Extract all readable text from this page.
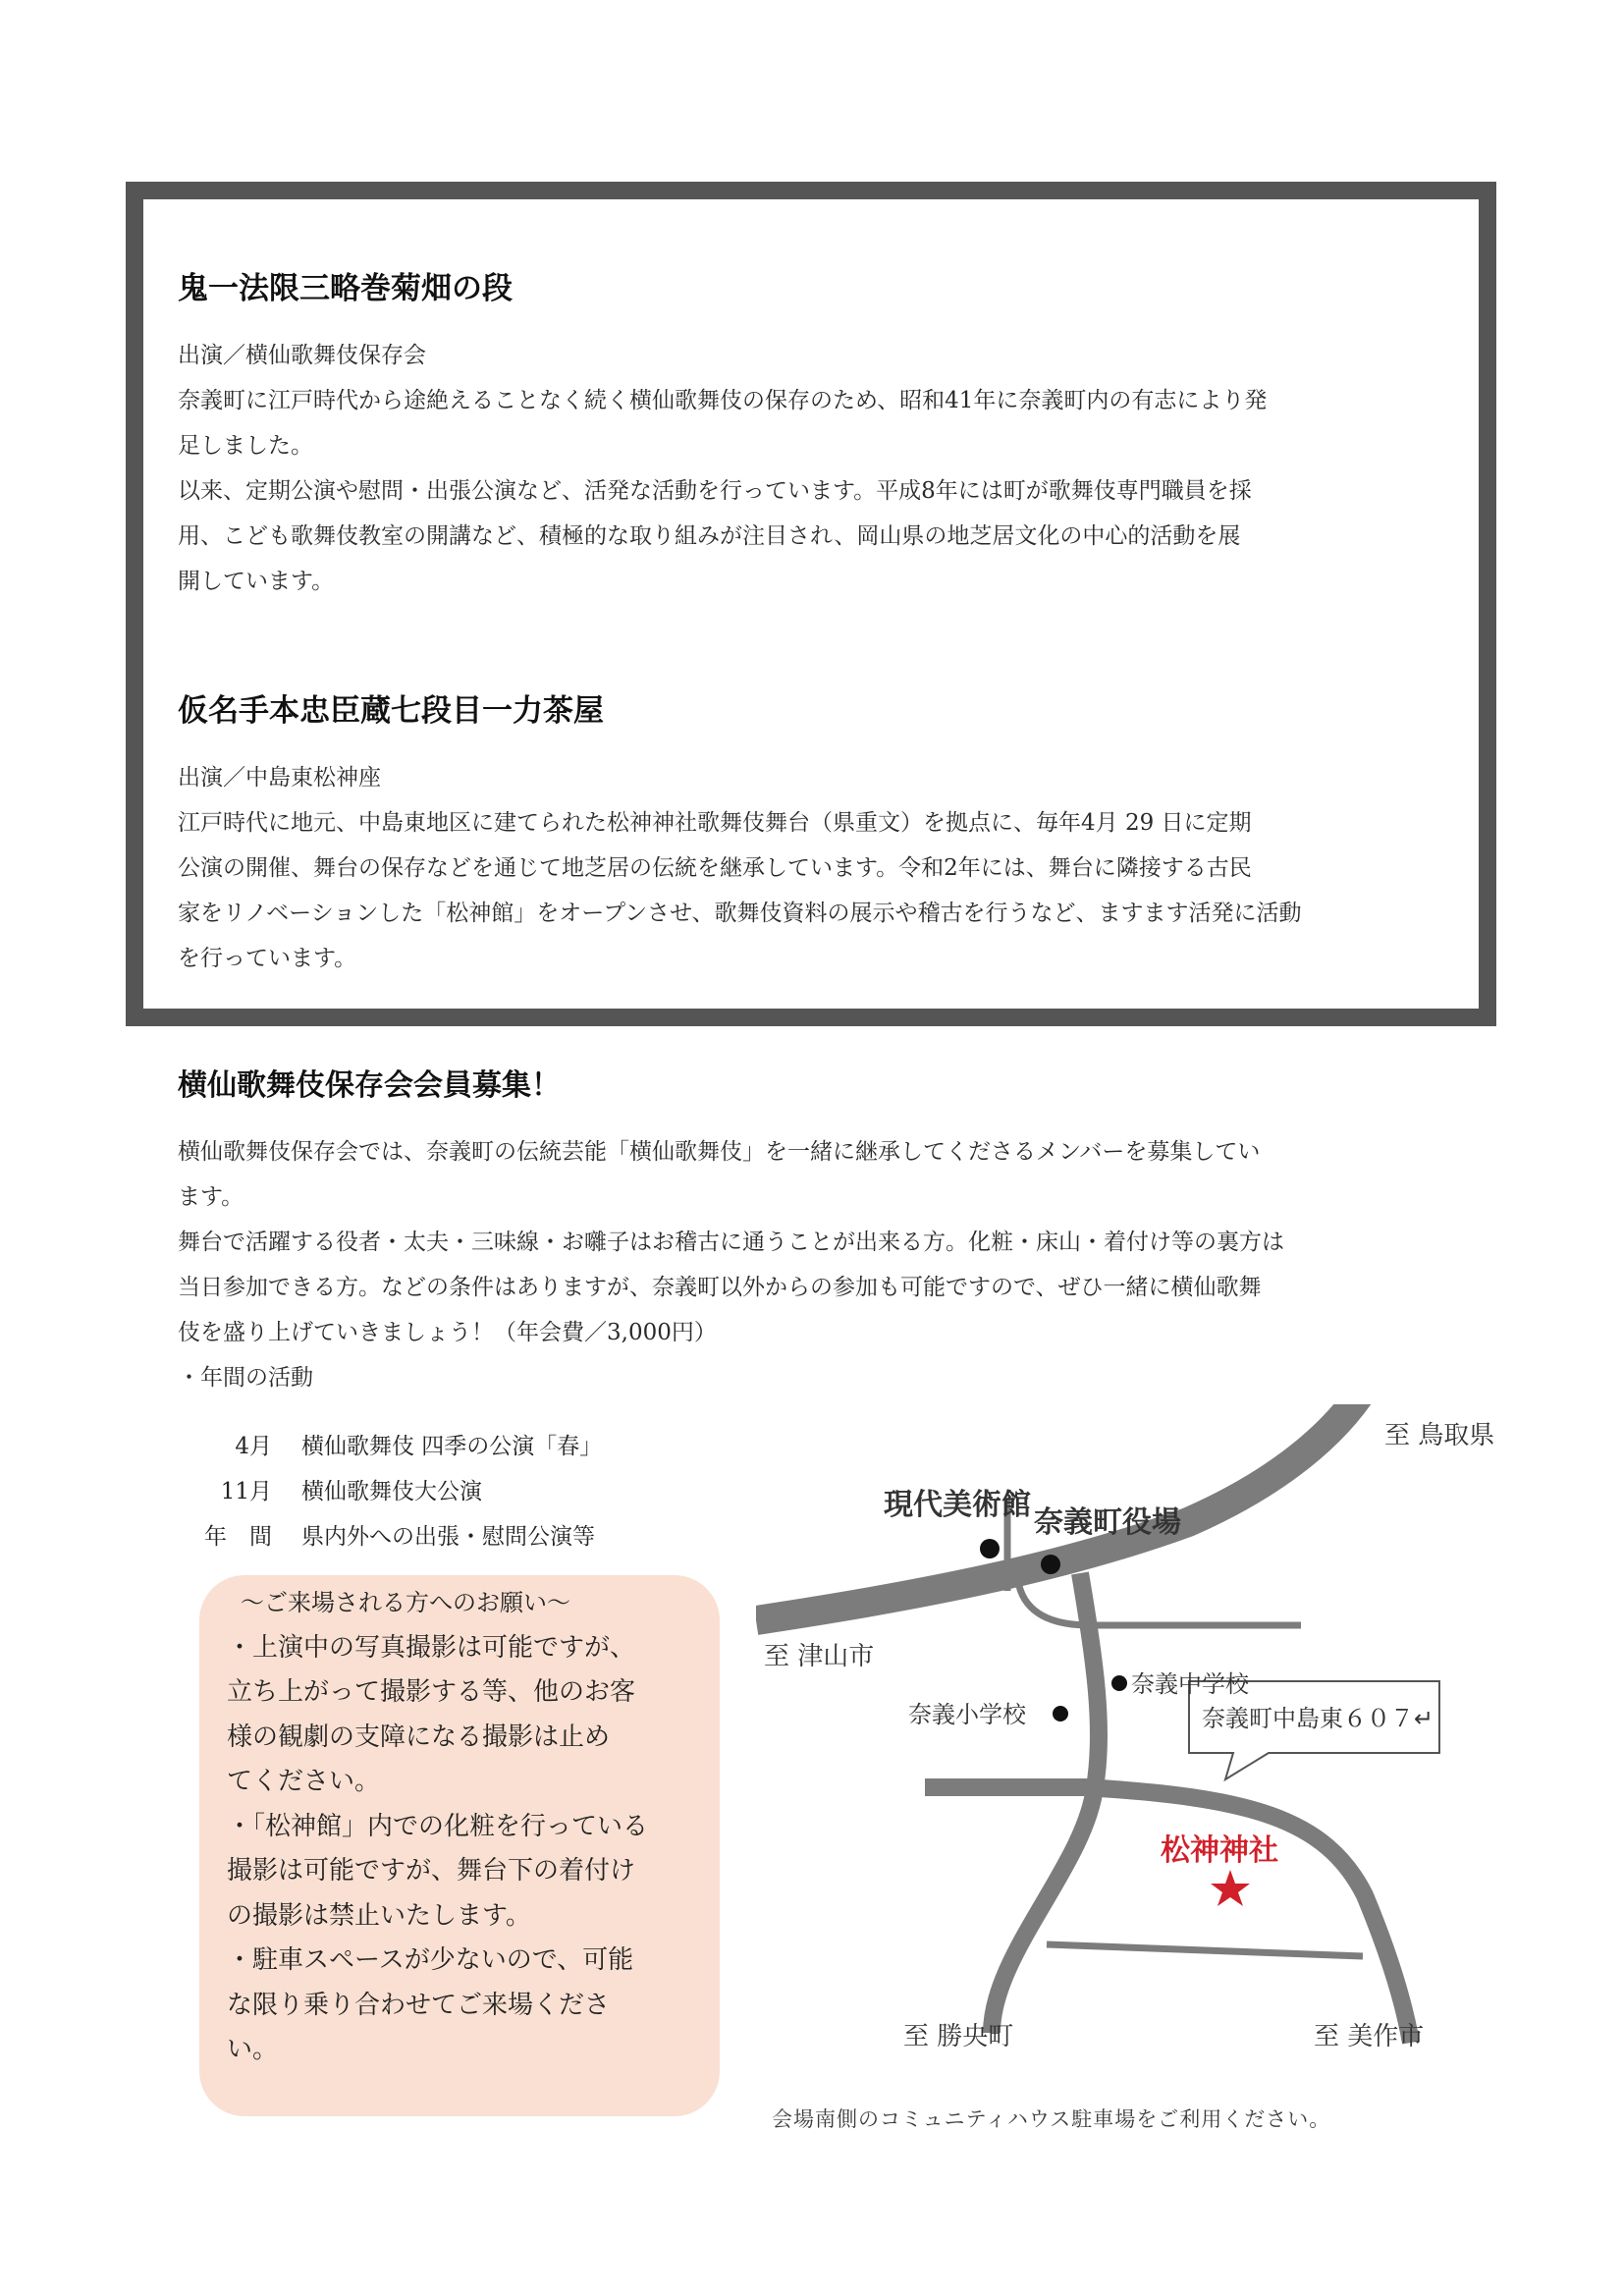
鬼一法限三略巻菊畑の段

出演／横仙歌舞伎保存会

奈義町に江戸時代から途絶えることなく続く横仙歌舞伎の保存のため、昭和41年に奈義町内の有志により発

足しました。

以来、定期公演や慰問・出張公演など、活発な活動を行っています。平成8年には町が歌舞伎専門職員を採

用、こども歌舞伎教室の開講など、積極的な取り組みが注目され、岡山県の地芝居文化の中心的活動を展

開しています。

仮名手本忠臣蔵七段目一力茶屋

出演／中島東松神座

江戸時代に地元、中島東地区に建てられた松神神社歌舞伎舞台（県重文）を拠点に、毎年4月 29 日に定期

公演の開催、舞台の保存などを通じて地芝居の伝統を継承しています。令和2年には、舞台に隣接する古民

家をリノベーションした「松神館」をオープンさせ、歌舞伎資料の展示や稽古を行うなど、ますます活発に活動

を行っています。

横仙歌舞伎保存会会員募集！

横仙歌舞伎保存会では、奈義町の伝統芸能「横仙歌舞伎」を一緒に継承してくださるメンバーを募集してい

ます。

舞台で活躍する役者・太夫・三味線・お囃子はお稽古に通うことが出来る方。化粧・床山・着付け等の裏方は

当日参加できる方。などの条件はありますが、奈義町以外からの参加も可能ですので、ぜひ一緒に横仙歌舞

伎を盛り上げていきましょう！（年会費／3,000円）

・年間の活動

4月 横仙歌舞伎 四季の公演「春」
11月 横仙歌舞伎大公演
年　間 県内外への出張・慰問公演等

～ご来場される方へのお願い～

・上演中の写真撮影は可能ですが、

立ち上がって撮影する等、他のお客

様の観劇の支障になる撮影は止め

てください。

・「松神館」内での化粧を行っている

撮影は可能ですが、舞台下の着付け

の撮影は禁止いたします。

・駐車スペースが少ないので、可能

な限り乗り合わせてご来場くださ

い。

至 鳥取県
現代美術館
奈義町役場
至 津山市
奈義中学校
奈義小学校	奈義町中島東６０７↵
松神神社
至 勝央町	至 美作市
会場南側のコミュニティハウス駐車場をご利用ください。
